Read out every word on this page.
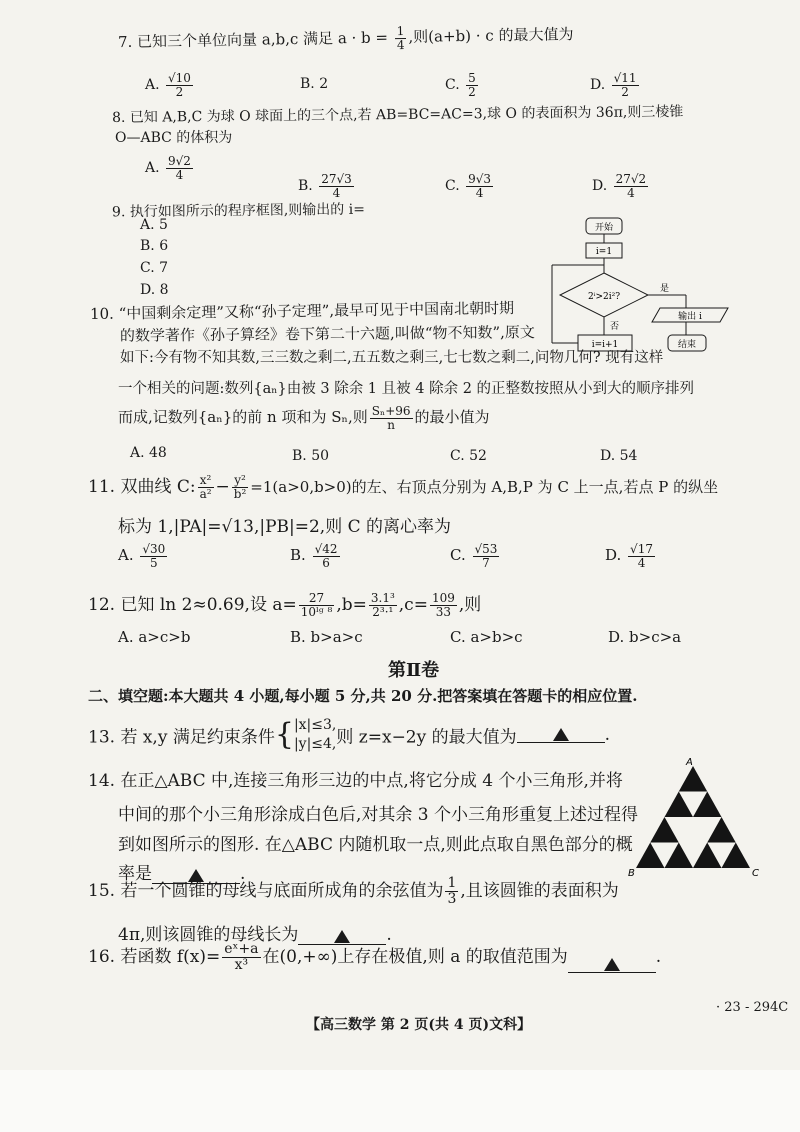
7. 已知三个单位向量 a,b,c 满足 $a \cdot b = \frac{1}{4}$ ,则(a+b) · c 的最大值为
A. $\frac{√10}{2}$	B. 2	C. $\frac{5}{2}$	D. $\frac{√11}{2}$
8. 已知 A,B,C 为球 O 球面上的三个点,若 AB=BC=AC=3,球 O 的表面积为 36π,则三棱锥
O—ABC 的体积为
A. $\frac{9√2}{4}$
B. $\frac{27√3}{4}$	C. $\frac{9√3}{4}$	D. $\frac{27√2}{4}$
9. 执行如图所示的程序框图,则输出的 i=
A. 5
B. 6
C. 7
D. 8
开始
i=1
2ⁱ>2i²?
是
否
输出 i
i=i+1	结束
10. “中国剩余定理”又称“孙子定理”,最早可见于中国南北朝时期
的数学著作《孙子算经》卷下第二十六题,叫做“物不知数”,原文
如下:今有物不知其数,三三数之剩二,五五数之剩三,七七数之剩二,问物几何? 现有这样
一个相关的问题:数列{aₙ}由被 3 除余 1 且被 4 除余 2 的正整数按照从小到大的顺序排列
而成,记数列{aₙ}的前 n 项和为 Sₙ,则 $\frac{\text{Sₙ+96}}{n}$ 的最小值为
A. 48	B. 50	C. 52	D. 54
11. 双曲线 C: $\frac{\text{x²}}{\text{a²}} - \frac{\text{y²}}{\text{b²}} =1(a>0,b>0)$的左、右顶点分别为 A,B,P 为 C 上一点,若点 P 的纵坐
标为 1,|PA|=√13,|PB|=2,则 C 的离心率为
A. $\frac{√30}{5}$	B. $\frac{√42}{6}$	C. $\frac{√53}{7}$	D. $\frac{√17}{4}$
12. 已知 ln 2≈0.69,设 $a= \frac{27}{\text{10ˡᵍ ⁸}} ,b= \frac{\text{3.1³}}{\text{2³·¹}} ,c= \frac{109}{33}$ ,则
A. a>c>b	B. b>a>c	C. a>b>c	D. b>c>a
第Ⅱ卷
二、填空题:本大题共 4 小题,每小题 5 分,共 20 分.把答案填在答题卡的相应位置.
13. 若 x,y 满足约束条件{ |x|≤3,
|y|≤4, 则 z=x−2y 的最大值为	.
14. 在正△ABC 中,连接三角形三边的中点,将它分成 4 个小三角形,并将
中间的那个小三角形涂成白色后,对其余 3 个小三角形重复上述过程得
到如图所示的图形. 在△ABC 内随机取一点,则此点取自黑色部分的概
率是	.
A
B	C
15. 若一个圆锥的母线与底面所成角的余弦值为 $\frac{1}{3}$ ,且该圆锥的表面积为
4π,则该圆锥的母线长为	.
16. 若函数 $f(x)= \frac{\text{eˣ+a}}{\text{x³}}$ 在(0,+∞)上存在极值,则 a 的取值范围为	.
【高三数学 第 2 页(共 4 页)文科】
· 23 - 294C
